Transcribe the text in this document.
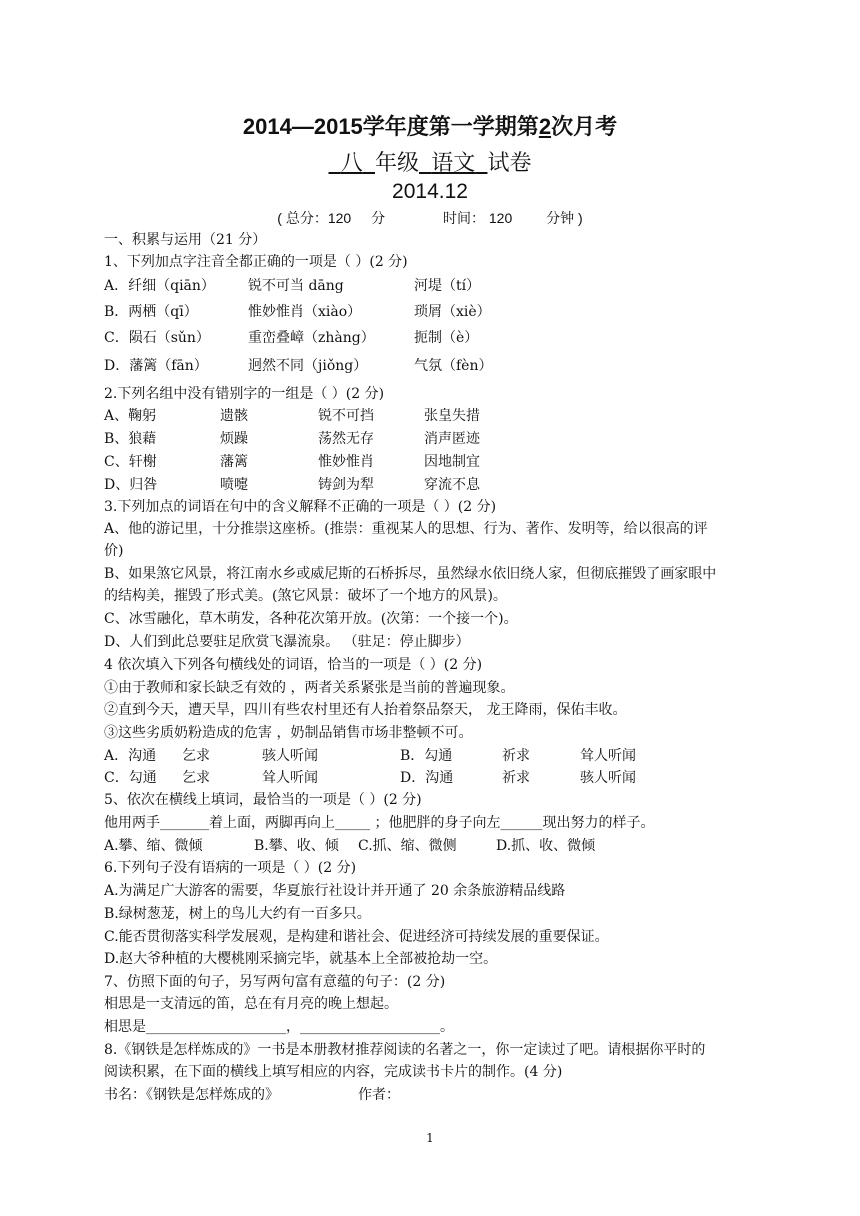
2014—2015学年度第一学期第2次月考
八 年级 语文 试卷
2014.12
( 总分：120 分	时间： 120 分钟 )
一、积累与运用（21 分）
1、下列加点字注音全都正确的一项是（ ）(2 分)
A．纤细（qiān） 锐不可当 dāng	河堤（tí）
B．两栖（qī）	惟妙惟肖（xiào）	琐屑（xiè）
C．陨石（sǔn）	重峦叠嶂（zhàng）	扼制（è）
D．藩篱（fān）	迥然不同（jiǒng）	气氛（fèn）
2.下列名组中没有错别字的一组是（ ）(2 分)
A、鞠躬	遗骸	锐不可挡	张皇失措
B、狼藉	烦躁	荡然无存	消声匿迹
C、轩榭	藩篱	惟妙惟肖	因地制宜
D、归咎	喷嚏	铸剑为犁	穿流不息
3.下列加点的词语在句中的含义解释不正确的一项是（ ）(2 分)
A、他的游记里，十分推崇这座桥。(推崇：重视某人的思想、行为、著作、发明等，给以很高的评
价)
B、如果煞它风景，将江南水乡或威尼斯的石桥拆尽，虽然绿水依旧绕人家，但彻底摧毁了画家眼中
的结构美，摧毁了形式美。(煞它风景：破坏了一个地方的风景)。
C、冰雪融化，草木萌发，各种花次第开放。(次第：一个接一个)。
D、人们到此总要驻足欣赏飞瀑流泉。 （驻足：停止脚步）
4 依次填入下列各句横线处的词语，恰当的一项是（ ）(2 分)
①由于教师和家长缺乏有效的 ，两者关系紧张是当前的普遍现象。
②直到今天，遭天旱，四川有些农村里还有人抬着祭品祭天， 龙王降雨，保佑丰收。
③这些劣质奶粉造成的危害 ，奶制品销售市场非整顿不可。
A．沟通 乞求	骇人听闻	B．勾通	祈求	耸人听闻
C．勾通 乞求	耸人听闻	D．沟通	祈求	骇人听闻
5、依次在横线上填词，最恰当的一项是（ ）(2 分)
他用两手_______着上面，两脚再向上_____ ；他肥胖的身子向左______现出努力的样子。
A.攀、缩、微倾	B.攀、收、倾 C.抓、缩、微侧	D.抓、收、微倾
6.下列句子没有语病的一项是（ ）(2 分)
A.为满足广大游客的需要，华夏旅行社设计并开通了 20 余条旅游精品线路
B.绿树葱茏，树上的鸟儿大约有一百多只。
C.能否贯彻落实科学发展观，是构建和谐社会、促进经济可持续发展的重要保证。
D.赵大爷种植的大樱桃刚采摘完毕，就基本上全部被抢劫一空。
7、仿照下面的句子，另写两句富有意蕴的句子：(2 分)
相思是一支清远的笛，总在有月亮的晚上想起。
相思是____________________，____________________。
8.《钢铁是怎样炼成的》一书是本册教材推荐阅读的名著之一，你一定读过了吧。请根据你平时的
阅读积累，在下面的横线上填写相应的内容，完成读书卡片的制作。(4 分)
书名：《钢铁是怎样炼成的》	作者：
1
